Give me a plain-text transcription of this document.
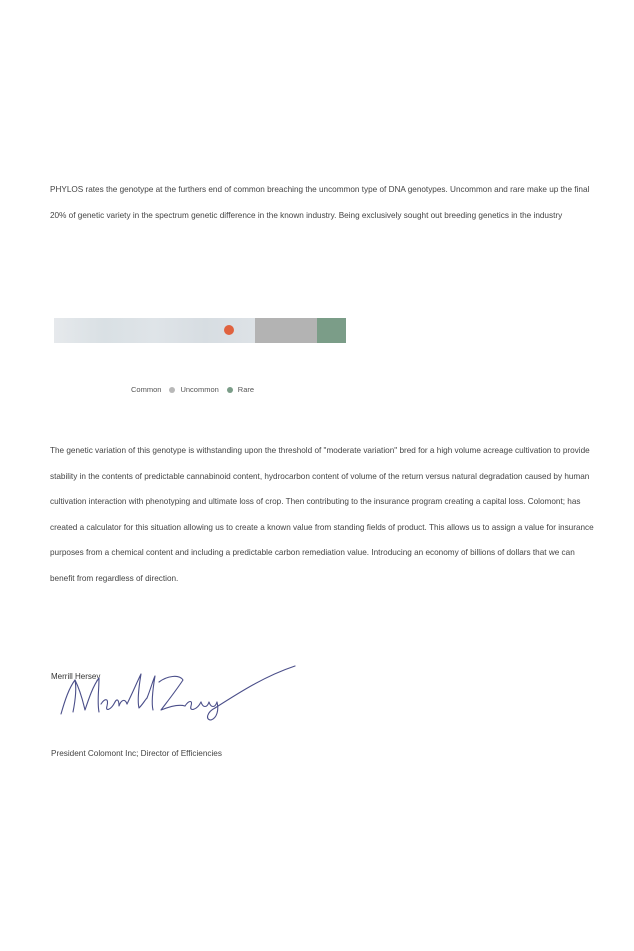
PHYLOS rates the genotype at the furthers end of common breaching the uncommon type of DNA genotypes. Uncommon and rare make up the final 20% of genetic variety in the spectrum genetic difference in the known industry. Being exclusively sought out breeding genetics in the industry

Common	Uncommon	Rare

The genetic variation of this genotype is withstanding upon the threshold of "moderate variation" bred for a high volume acreage cultivation to provide stability in the contents of predictable cannabinoid content, hydrocarbon content of volume of the return versus natural degradation caused by human cultivation interaction with phenotyping and ultimate loss of crop. Then contributing to the insurance program creating a capital loss. Colomont; has created a calculator for this situation allowing us to create a known value from standing fields of product. This allows us to assign a value for insurance purposes from a chemical content and including a predictable carbon remediation value. Introducing an economy of billions of dollars that we can benefit from regardless of direction.

Merrill Hersey
President Colomont Inc; Director of Efficiencies
